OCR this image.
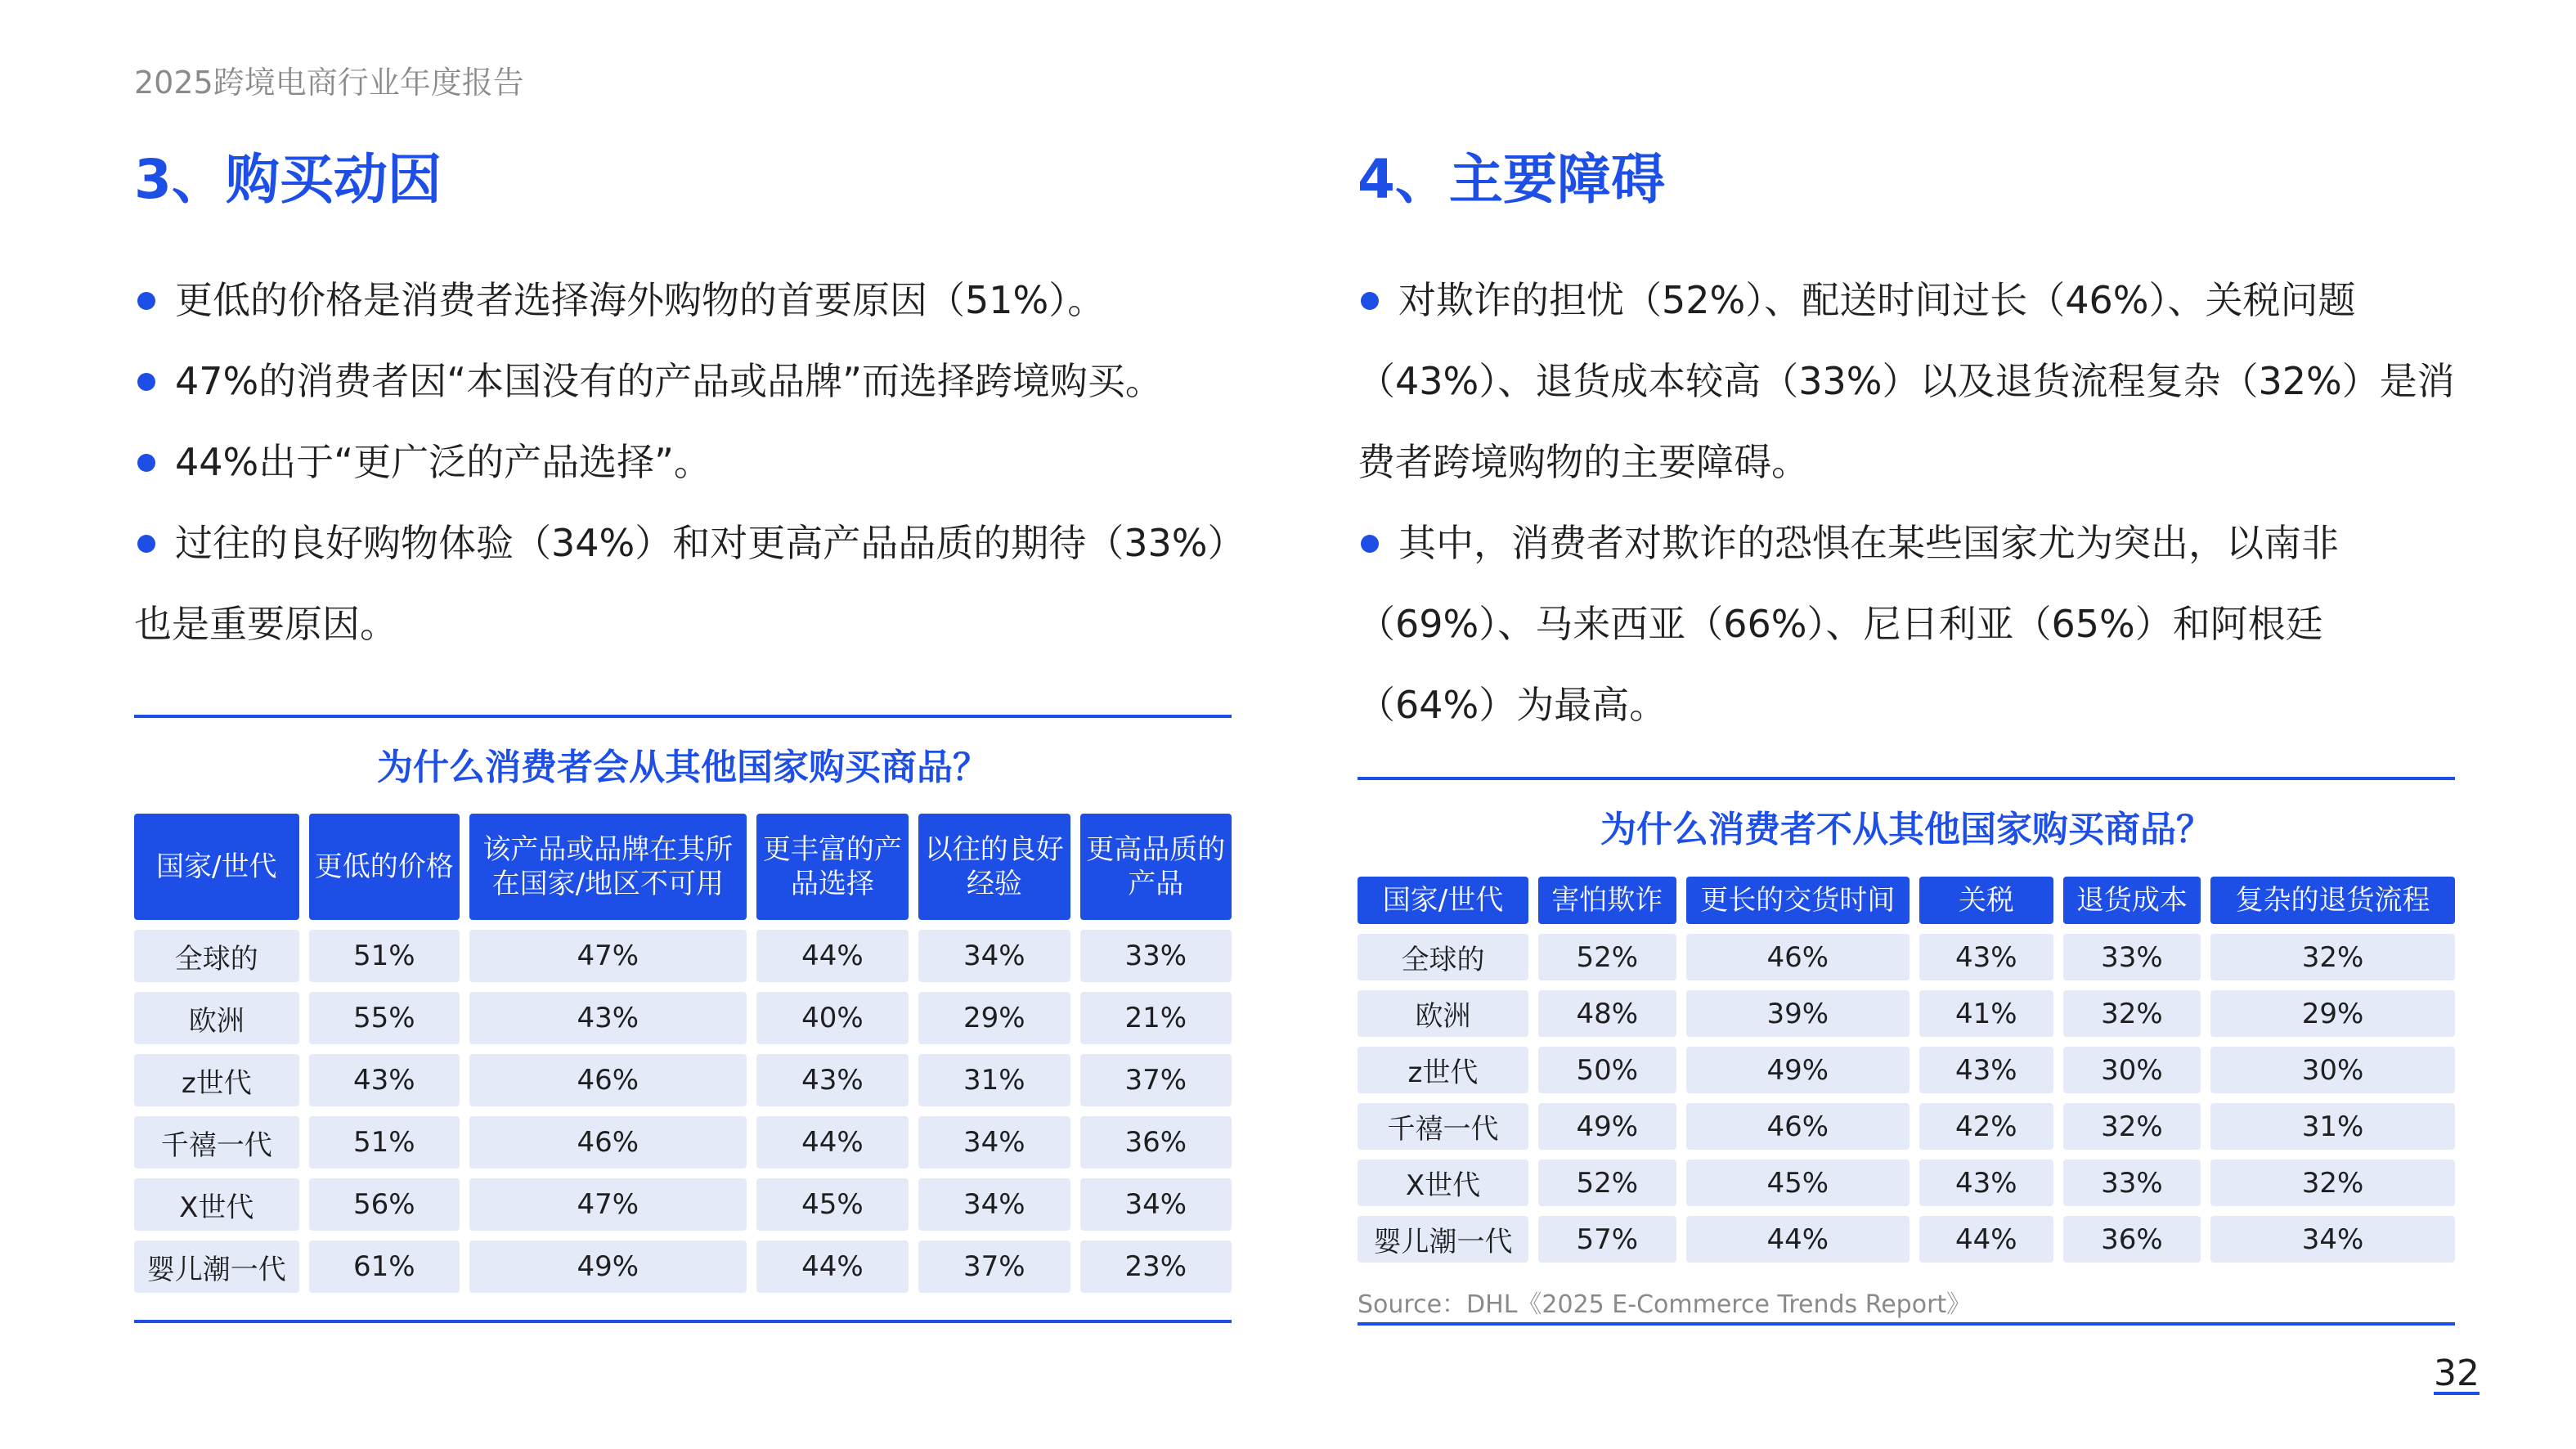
2025跨境电商行业年度报告
3、购买动因
更低的价格是消费者选择海外购物的首要原因（51%）。
47%的消费者因“本国没有的产品或品牌”而选择跨境购买。
44%出于“更广泛的产品选择”。
过往的良好购物体验（34%）和对更高产品品质的期待（33%）
也是重要原因。
4、主要障碍
对欺诈的担忧（52%）、配送时间过长（46%）、关税问题
（43%）、退货成本较高（33%）以及退货流程复杂（32%）是消
费者跨境购物的主要障碍。
其中，消费者对欺诈的恐惧在某些国家尤为突出，以南非
（69%）、马来西亚（66%）、尼日利亚（65%）和阿根廷
（64%）为最高。
为什么消费者会从其他国家购买商品？
国家/世代	更低的价格	该产品或品牌在其所在国家/地区不可用	更丰富的产品选择	以往的良好经验	更高品质的产品
全球的	51%	47%	44%	34%	33%
欧洲	55%	43%	40%	29%	21%
z世代	43%	46%	43%	31%	37%
千禧一代	51%	46%	44%	34%	36%
X世代	56%	47%	45%	34%	34%
婴儿潮一代	61%	49%	44%	37%	23%
为什么消费者不从其他国家购买商品？
国家/世代	害怕欺诈	更长的交货时间	关税	退货成本	复杂的退货流程
全球的	52%	46%	43%	33%	32%
欧洲	48%	39%	41%	32%	29%
z世代	50%	49%	43%	30%	30%
千禧一代	49%	46%	42%	32%	31%
X世代	52%	45%	43%	33%	32%
婴儿潮一代	57%	44%	44%	36%	34%
Source：DHL《2025 E-Commerce Trends Report》
32
